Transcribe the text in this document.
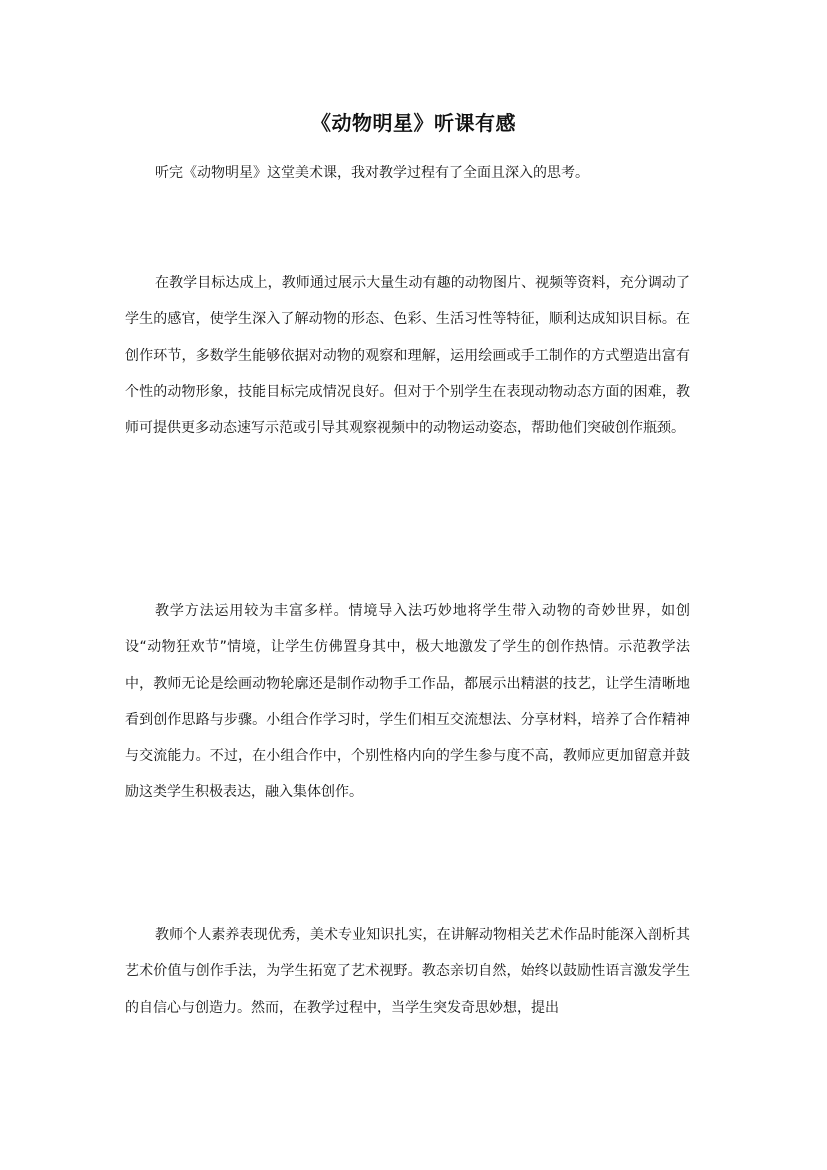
《动物明星》听课有感

听完《动物明星》这堂美术课，我对教学过程有了全面且深入的思考。

在教学目标达成上，教师通过展示大量生动有趣的动物图片、视频等资料，充分调动了学生的感官，使学生深入了解动物的形态、色彩、生活习性等特征，顺利达成知识目标。在创作环节，多数学生能够依据对动物的观察和理解，运用绘画或手工制作的方式塑造出富有个性的动物形象，技能目标完成情况良好。但对于个别学生在表现动物动态方面的困难，教师可提供更多动态速写示范或引导其观察视频中的动物运动姿态，帮助他们突破创作瓶颈。

教学方法运用较为丰富多样。情境导入法巧妙地将学生带入动物的奇妙世界，如创设“动物狂欢节”情境，让学生仿佛置身其中，极大地激发了学生的创作热情。示范教学法中，教师无论是绘画动物轮廓还是制作动物手工作品，都展示出精湛的技艺，让学生清晰地看到创作思路与步骤。小组合作学习时，学生们相互交流想法、分享材料，培养了合作精神与交流能力。不过，在小组合作中，个别性格内向的学生参与度不高，教师应更加留意并鼓励这类学生积极表达，融入集体创作。

教师个人素养表现优秀，美术专业知识扎实，在讲解动物相关艺术作品时能深入剖析其艺术价值与创作手法，为学生拓宽了艺术视野。教态亲切自然，始终以鼓励性语言激发学生的自信心与创造力。然而，在教学过程中，当学生突发奇思妙想，提出
